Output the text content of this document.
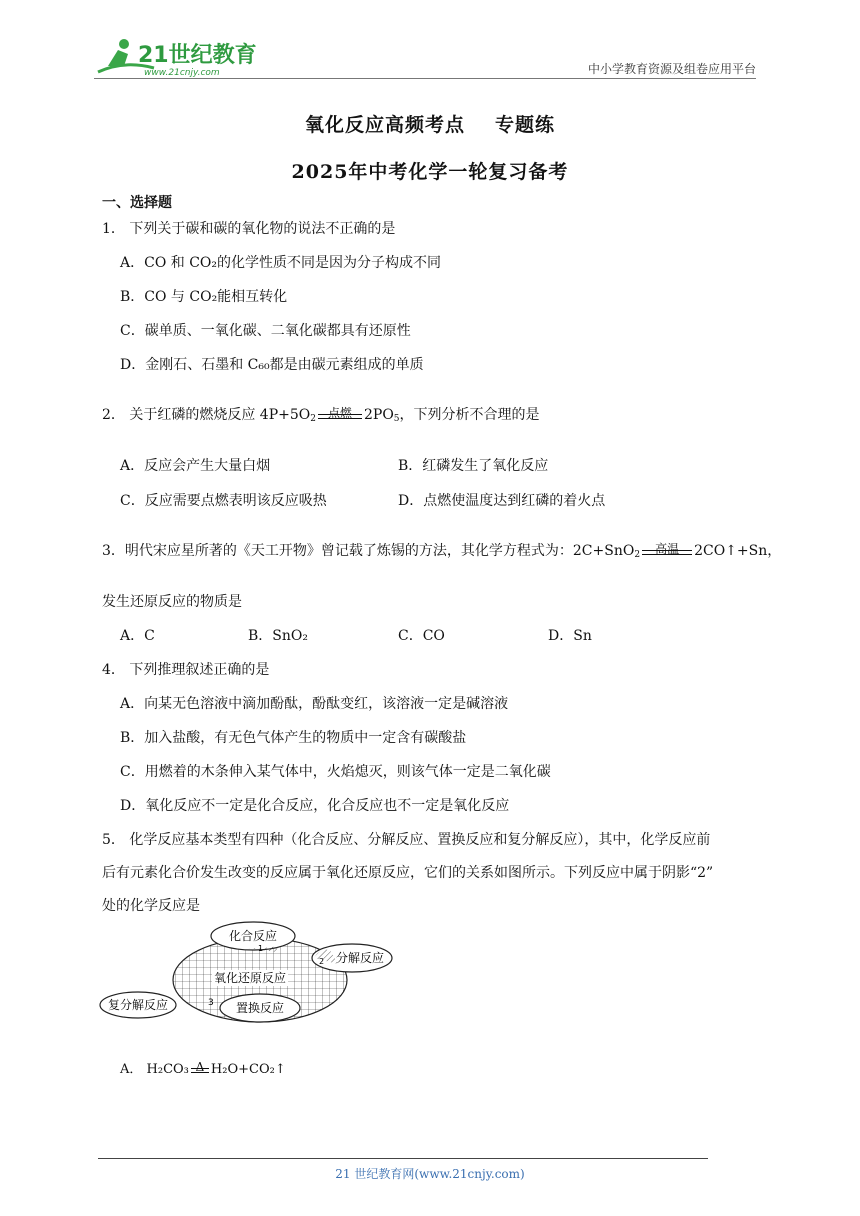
21世纪教育
www.21cnjy.com	中小学教育资源及组卷应用平台
氧化反应高频考点 专题练
2025年中考化学一轮复习备考
一、选择题
1． 下列关于碳和碳的氧化物的说法不正确的是
A．CO 和 CO₂的化学性质不同是因为分子构成不同
B．CO 与 CO₂能相互转化
C．碳单质、一氧化碳、二氧化碳都具有还原性
D．金刚石、石墨和 C₆₀都是由碳元素组成的单质
2． 关于红磷的燃烧反应 $4P+5O_2$ 点燃 $2PO_5$，下列分析不合理的是
A．反应会产生大量白烟	B．红磷发生了氧化反应
C．反应需要点燃表明该反应吸热	D．点燃使温度达到红磷的着火点
3．明代宋应星所著的《天工开物》曾记载了炼锡的方法，其化学方程式为：2C+SnO$_2$	高温	2CO↑+Sn，
发生还原反应的物质是
A．C	B．SnO₂	C．CO	D．Sn
4． 下列推理叙述正确的是
A．向某无色溶液中滴加酚酞，酚酞变红，该溶液一定是碱溶液
B．加入盐酸，有无色气体产生的物质中一定含有碳酸盐
C．用燃着的木条伸入某气体中，火焰熄灭，则该气体一定是二氧化碳
D．氧化反应不一定是化合反应，化合反应也不一定是氧化反应
5． 化学反应基本类型有四种（化合反应、分解反应、置换反应和复分解反应），其中，化学反应前
后有元素化合价发生改变的反应属于氧化还原反应，它们的关系如图所示。下列反应中属于阴影“2”
处的化学反应是
化合反应
1
分解反应
2
氧化还原反应
复分解反应	3 置换反应
A． H₂CO₃ Δ H₂O+CO₂↑
21 世纪教育网(www.21cnjy.com)
